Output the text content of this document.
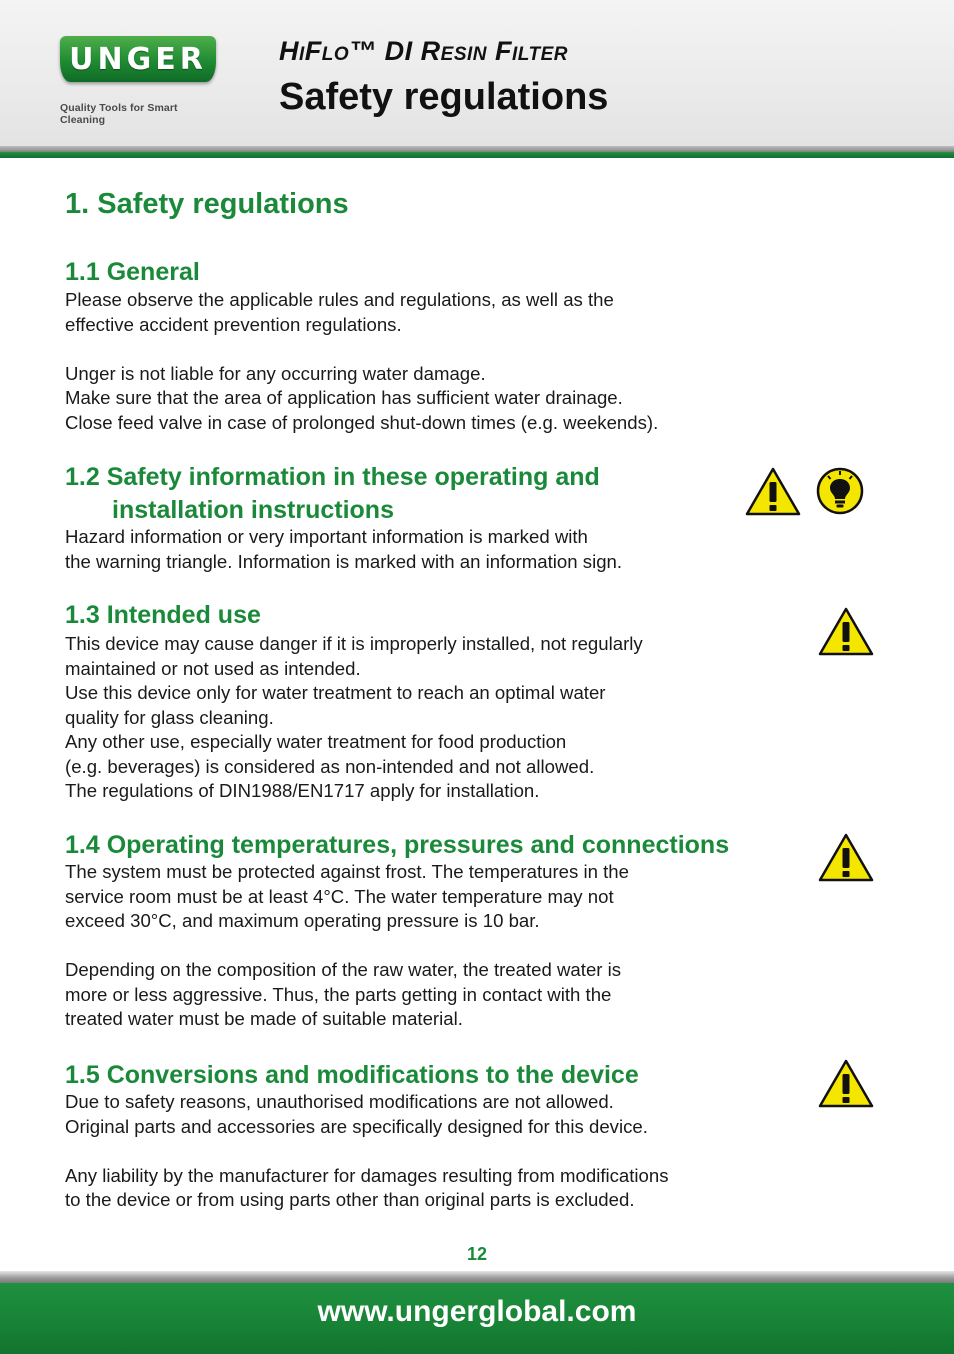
UNGER
Quality Tools for Smart Cleaning
HiFlo™ DI Resin Filter
Safety regulations
1. Safety regulations
1.1 General
Please observe the applicable rules and regulations, as well as the
effective accident prevention regulations.

Unger is not liable for any occurring water damage.
Make sure that the area of application has sufficient water drainage.
Close feed valve in case of prolonged shut-down times (e.g. weekends).
1.2 Safety information in these operating and
installation instructions
Hazard information or very important information is marked with
the warning triangle. Information is marked with an information sign.
1.3 Intended use
This device may cause danger if it is improperly installed, not regularly
maintained or not used as intended.
Use this device only for water treatment to reach an optimal water
quality for glass cleaning.
Any other use, especially water treatment for food production
(e.g. beverages) is considered as non-intended and not allowed.
The regulations of DIN1988/EN1717 apply for installation.
1.4 Operating temperatures, pressures and connections
The system must be protected against frost. The temperatures in the
service room must be at least 4°C. The water temperature may not
exceed 30°C, and maximum operating pressure is 10 bar.

Depending on the composition of the raw water, the treated water is
more or less aggressive. Thus, the parts getting in contact with the
treated water must be made of suitable material.
1.5 Conversions and modifications to the device
Due to safety reasons, unauthorised modifications are not allowed.
Original parts and accessories are specifically designed for this device.

Any liability by the manufacturer for damages resulting from modifications
to the device or from using parts other than original parts is excluded.
12
www.ungerglobal.com
